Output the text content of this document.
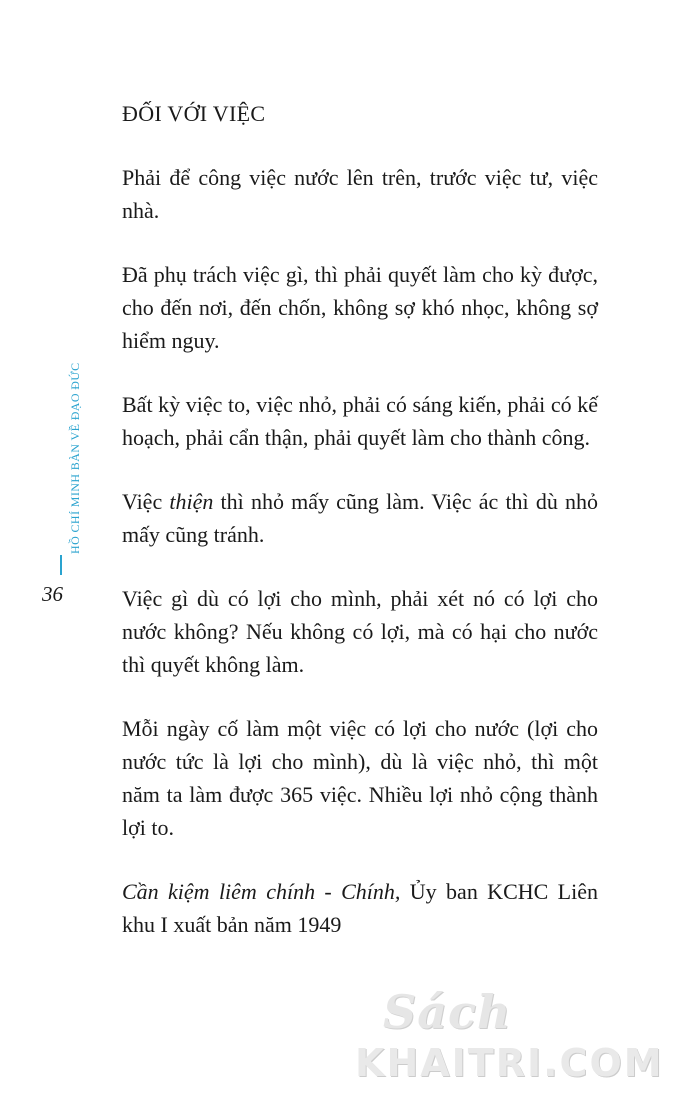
HỒ CHÍ MINH BÀN VỀ ĐẠO ĐỨC
36
ĐỐI VỚI VIỆC

Phải để công việc nước lên trên, trước việc tư, việc nhà.

Đã phụ trách việc gì, thì phải quyết làm cho kỳ được, cho đến nơi, đến chốn, không sợ khó nhọc, không sợ hiểm nguy.

Bất kỳ việc to, việc nhỏ, phải có sáng kiến, phải có kế hoạch, phải cẩn thận, phải quyết làm cho thành công.

Việc thiện thì nhỏ mấy cũng làm. Việc ác thì dù nhỏ mấy cũng tránh.

Việc gì dù có lợi cho mình, phải xét nó có lợi cho nước không? Nếu không có lợi, mà có hại cho nước thì quyết không làm.

Mỗi ngày cố làm một việc có lợi cho nước (lợi cho nước tức là lợi cho mình), dù là việc nhỏ, thì một năm ta làm được 365 việc. Nhiều lợi nhỏ cộng thành lợi to.

Cần kiệm liêm chính - Chính, Ủy ban KCHC Liên khu I xuất bản năm 1949

Sách
KHAITRI.COM
